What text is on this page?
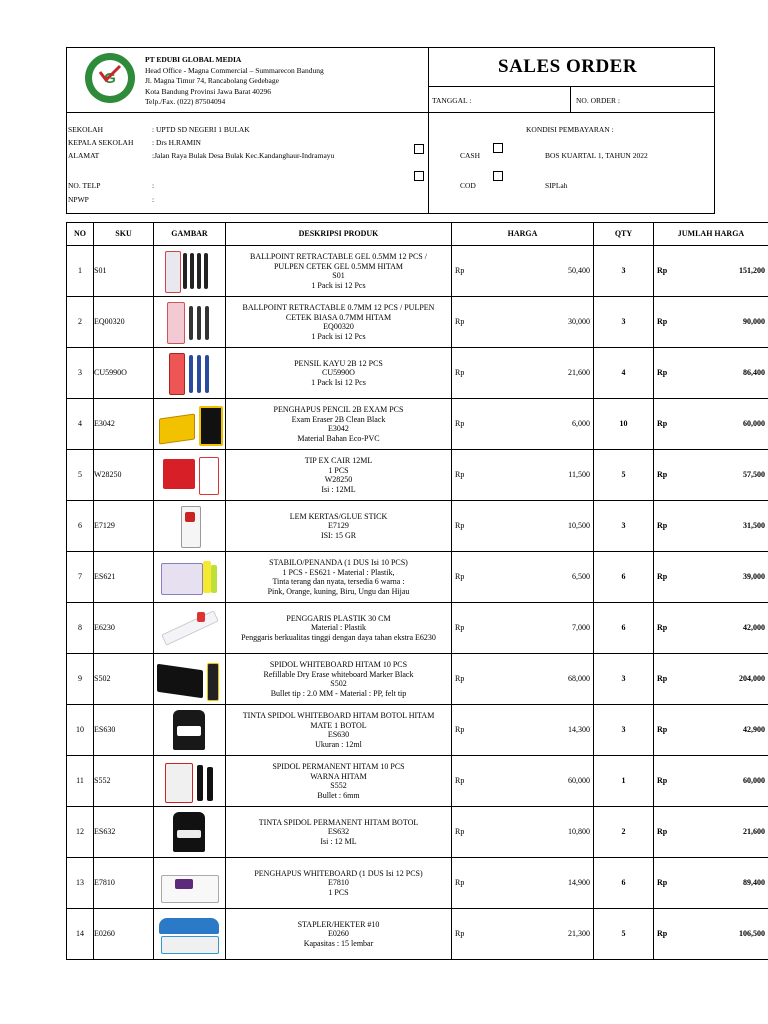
G
PT EDUBI GLOBAL MEDIA
Head Office - Magna Commercial – Summarecon Bandung
Jl. Magna Timur 74, Rancabolang Gedebage
Kota Bandung Provinsi Jawa Barat 40296
Telp./Fax. (022) 87504094
SALES ORDER
TANGGAL :	NO. ORDER :
SEKOLAH	: UPTD SD NEGERI 1 BULAK
KEPALA SEKOLAH : Drs H.RAMIN
ALAMAT	:Jalan Raya Bulak Desa Bulak Kec.Kandanghaur-Indramayu
NO. TELP	:
NPWP	:
KONDISI PEMBAYARAN :
CASH	BOS KUARTAL 1, TAHUN 2022
COD	SIPLah
NO	SKU	GAMBAR	DESKRIPSI PRODUK	HARGA	QTY	JUMLAH HARGA
1	S01		BALLPOINT RETRACTABLE GEL 0.5MM 12 PCS /
PULPEN CETEK GEL 0.5MM HITAM
S01
1 Pack isi 12 Pcs	Rp 50,400	3	Rp 151,200

2	EQ00320		BALLPOINT RETRACTABLE 0.7MM 12 PCS / PULPEN
CETEK BIASA 0.7MM HITAM
EQ00320
1 Pack isi 12 Pcs	Rp 30,000	3	Rp 90,000

3	CU5990O		PENSIL KAYU 2B 12 PCS
CU5990O
1 Pack Isi 12 Pcs	Rp 21,600	4	Rp 86,400

4	E3042		PENGHAPUS PENCIL 2B EXAM PCS
Exam Eraser 2B Clean Black
E3042
Material Bahan Eco-PVC	Rp 6,000	10	Rp 60,000

5	W28250		TIP EX CAIR 12ML
1 PCS
W28250
Isi : 12ML	Rp 11,500	5	Rp 57,500

6	E7129		LEM KERTAS/GLUE STICK
E7129
ISI: 15 GR	Rp 10,500	3	Rp 31,500

7	ES621		STABILO/PENANDA (1 DUS Isi 10 PCS)
1 PCS - ES621 - Material : Plastik,
Tinta terang dan nyata, tersedia 6 warna :
Pink, Orange, kuning, Biru, Ungu dan Hijau	Rp 6,500	6	Rp 39,000

8	E6230		PENGGARIS PLASTIK 30 CM
Material : Plastik
Penggaris berkualitas tinggi dengan daya tahan ekstra E6230	Rp 7,000	6	Rp 42,000

9	S502		SPIDOL WHITEBOARD HITAM 10 PCS
Refillable Dry Erase whiteboard Marker Black
S502
Bullet tip : 2.0 MM - Material : PP, felt tip	Rp 68,000	3	Rp 204,000

10	ES630		TINTA SPIDOL WHITEBOARD HITAM BOTOL HITAM
MATE 1 BOTOL
ES630
Ukuran : 12ml	Rp 14,300	3	Rp 42,900

11	S552		SPIDOL PERMANENT HITAM 10 PCS
WARNA HITAM
S552
Bullet : 6mm	Rp 60,000	1	Rp 60,000

12	ES632		TINTA SPIDOL PERMANENT HITAM BOTOL
ES632
Isi : 12 ML	Rp 10,800	2	Rp 21,600

13	E7810		PENGHAPUS WHITEBOARD (1 DUS Isi 12 PCS)
E7810
1 PCS	Rp 14,900	6	Rp 89,400

14	E0260		STAPLER/HEKTER #10
E0260
Kapasitas : 15 lembar	Rp 21,300	5	Rp 106,500
